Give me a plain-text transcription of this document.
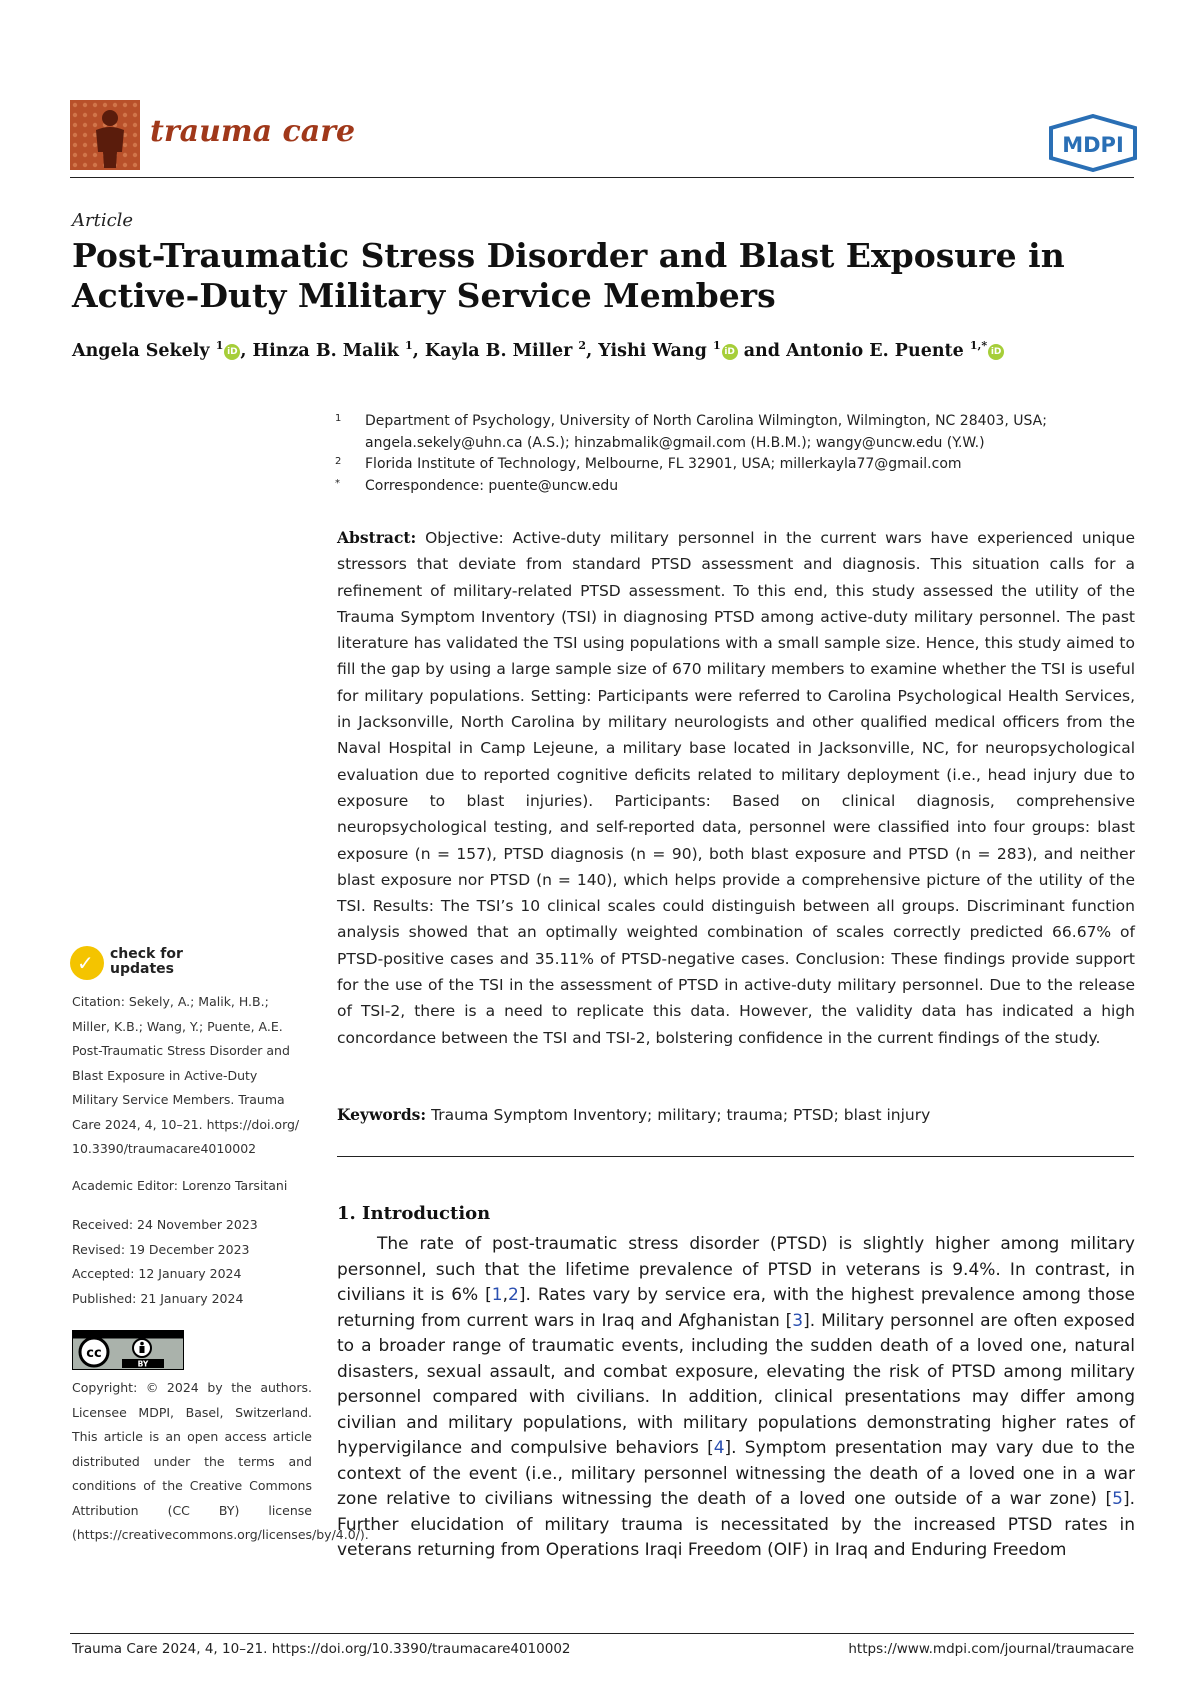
trauma care	MDPI
Article
Post-Traumatic Stress Disorder and Blast Exposure in Active-Duty Military Service Members
Angela Sekely $^1$ iD , Hinza B. Malik $^1$, Kayla B. Miller $^2$, Yishi Wang $^1$ iD and Antonio E. Puente $^{1,*}$ iD
1 Department of Psychology, University of North Carolina Wilmington, Wilmington, NC 28403, USA;
angela.sekely@uhn.ca (A.S.); hinzabmalik@gmail.com (H.B.M.); wangy@uncw.edu (Y.W.)
2 Florida Institute of Technology, Melbourne, FL 32901, USA; millerkayla77@gmail.com
* Correspondence: puente@uncw.edu
Abstract: Objective: Active-duty military personnel in the current wars have experienced unique stressors that deviate from standard PTSD assessment and diagnosis. This situation calls for a refinement of military-related PTSD assessment. To this end, this study assessed the utility of the Trauma Symptom Inventory (TSI) in diagnosing PTSD among active-duty military personnel. The past literature has validated the TSI using populations with a small sample size. Hence, this study aimed to fill the gap by using a large sample size of 670 military members to examine whether the TSI is useful for military populations. Setting: Participants were referred to Carolina Psychological Health Services, in Jacksonville, North Carolina by military neurologists and other qualified medical officers from the Naval Hospital in Camp Lejeune, a military base located in Jacksonville, NC, for neuropsychological evaluation due to reported cognitive deficits related to military deployment (i.e., head injury due to exposure to blast injuries). Participants: Based on clinical diagnosis, comprehensive neuropsychological testing, and self-reported data, personnel were classified into four groups: blast exposure (n = 157), PTSD diagnosis (n = 90), both blast exposure and PTSD (n = 283), and neither blast exposure nor PTSD (n = 140), which helps provide a comprehensive picture of the utility of the TSI. Results: The TSI’s 10 clinical scales could distinguish between all groups. Discriminant function analysis showed that an optimally weighted combination of scales correctly predicted 66.67% of PTSD-positive cases and 35.11% of PTSD-negative cases. Conclusion: These findings provide support for the use of the TSI in the assessment of PTSD in active-duty military personnel. Due to the release of TSI-2, there is a need to replicate this data. However, the validity data has indicated a high concordance between the TSI and TSI-2, bolstering confidence in the current findings of the study.
Keywords: Trauma Symptom Inventory; military; trauma; PTSD; blast injury
1. Introduction
The rate of post-traumatic stress disorder (PTSD) is slightly higher among military personnel, such that the lifetime prevalence of PTSD in veterans is 9.4%. In contrast, in civilians it is 6% [1,2]. Rates vary by service era, with the highest prevalence among those returning from current wars in Iraq and Afghanistan [3]. Military personnel are often exposed to a broader range of traumatic events, including the sudden death of a loved one, natural disasters, sexual assault, and combat exposure, elevating the risk of PTSD among military personnel compared with civilians. In addition, clinical presentations may differ among civilian and military populations, with military populations demonstrating higher rates of hypervigilance and compulsive behaviors [4]. Symptom presentation may vary due to the context of the event (i.e., military personnel witnessing the death of a loved one in a war zone relative to civilians witnessing the death of a loved one outside of a war zone) [5]. Further elucidation of military trauma is necessitated by the increased PTSD rates in veterans returning from Operations Iraqi Freedom (OIF) in Iraq and Enduring Freedom
✓ check for
updates
Citation: Sekely, A.; Malik, H.B.;
Miller, K.B.; Wang, Y.; Puente, A.E.
Post-Traumatic Stress Disorder and
Blast Exposure in Active-Duty
Military Service Members. Trauma
Care 2024, 4, 10–21. https://doi.org/
10.3390/traumacare4010002
Academic Editor: Lorenzo Tarsitani
Received: 24 November 2023
Revised: 19 December 2023
Accepted: 12 January 2024
Published: 21 January 2024
cc
BY
Copyright: © 2024 by the authors. Licensee MDPI, Basel, Switzerland. This article is an open access article distributed under the terms and conditions of the Creative Commons Attribution (CC BY) license (https://creativecommons.org/licenses/by/4.0/).
Trauma Care 2024, 4, 10–21. https://doi.org/10.3390/traumacare4010002	https://www.mdpi.com/journal/traumacare
